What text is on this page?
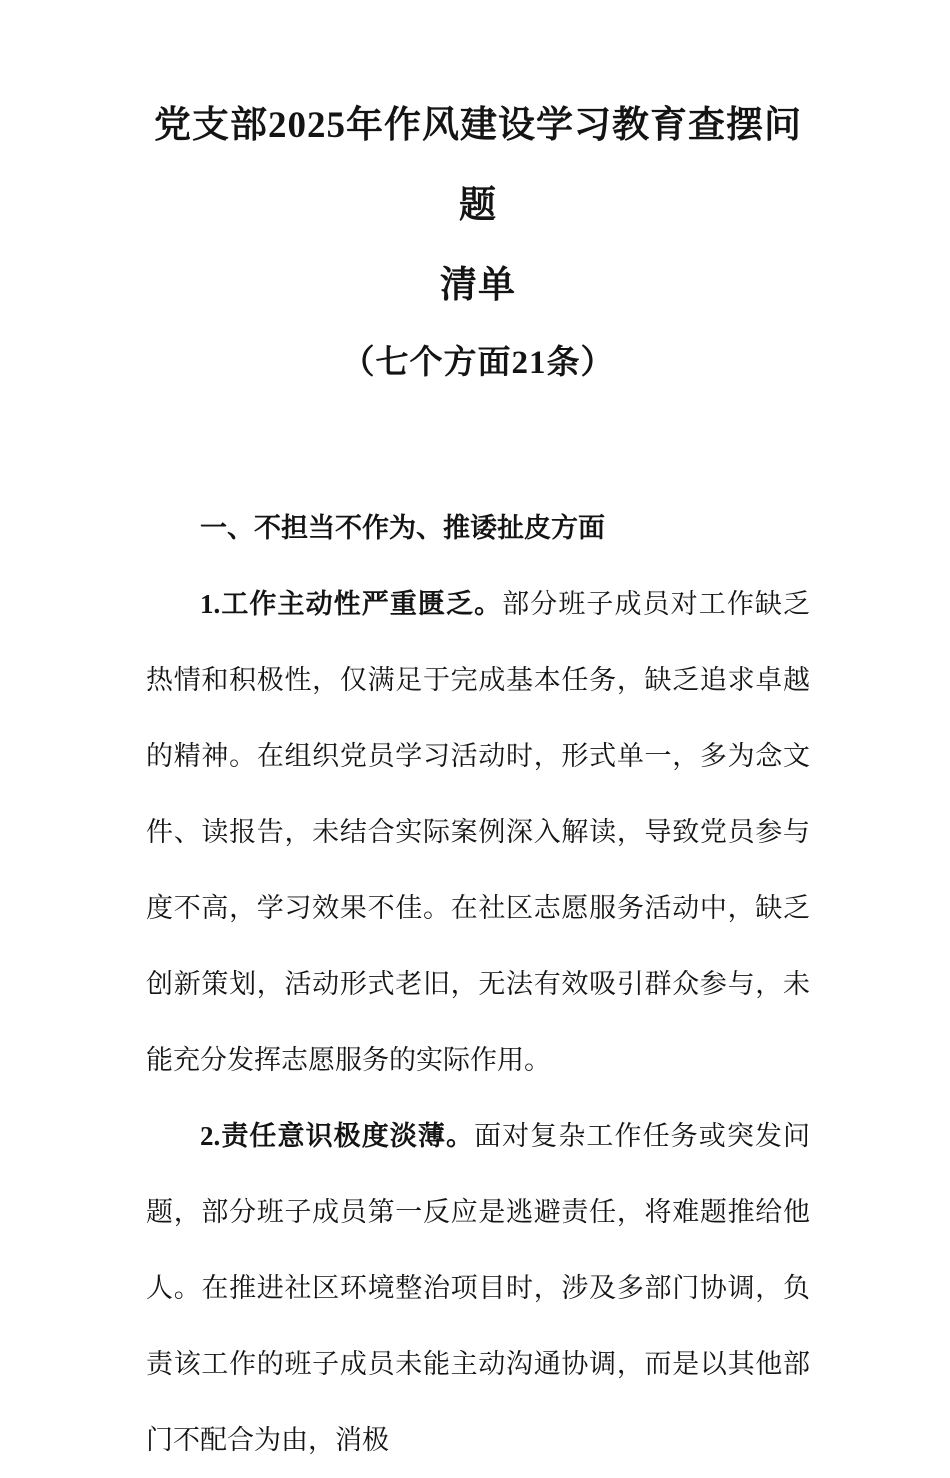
党支部2025年作风建设学习教育查摆问题
清单
（七个方面21条）
一、不担当不作为、推诿扯皮方面

1.工作主动性严重匮乏。部分班子成员对工作缺乏热情和积极性，仅满足于完成基本任务，缺乏追求卓越的精神。在组织党员学习活动时，形式单一，多为念文件、读报告，未结合实际案例深入解读，导致党员参与度不高，学习效果不佳。在社区志愿服务活动中，缺乏创新策划，活动形式老旧，无法有效吸引群众参与，未能充分发挥志愿服务的实际作用。

2.责任意识极度淡薄。面对复杂工作任务或突发问题，部分班子成员第一反应是逃避责任，将难题推给他人。在推进社区环境整治项目时，涉及多部门协调，负责该工作的班子成员未能主动沟通协调，而是以其他部门不配合为由，消极
